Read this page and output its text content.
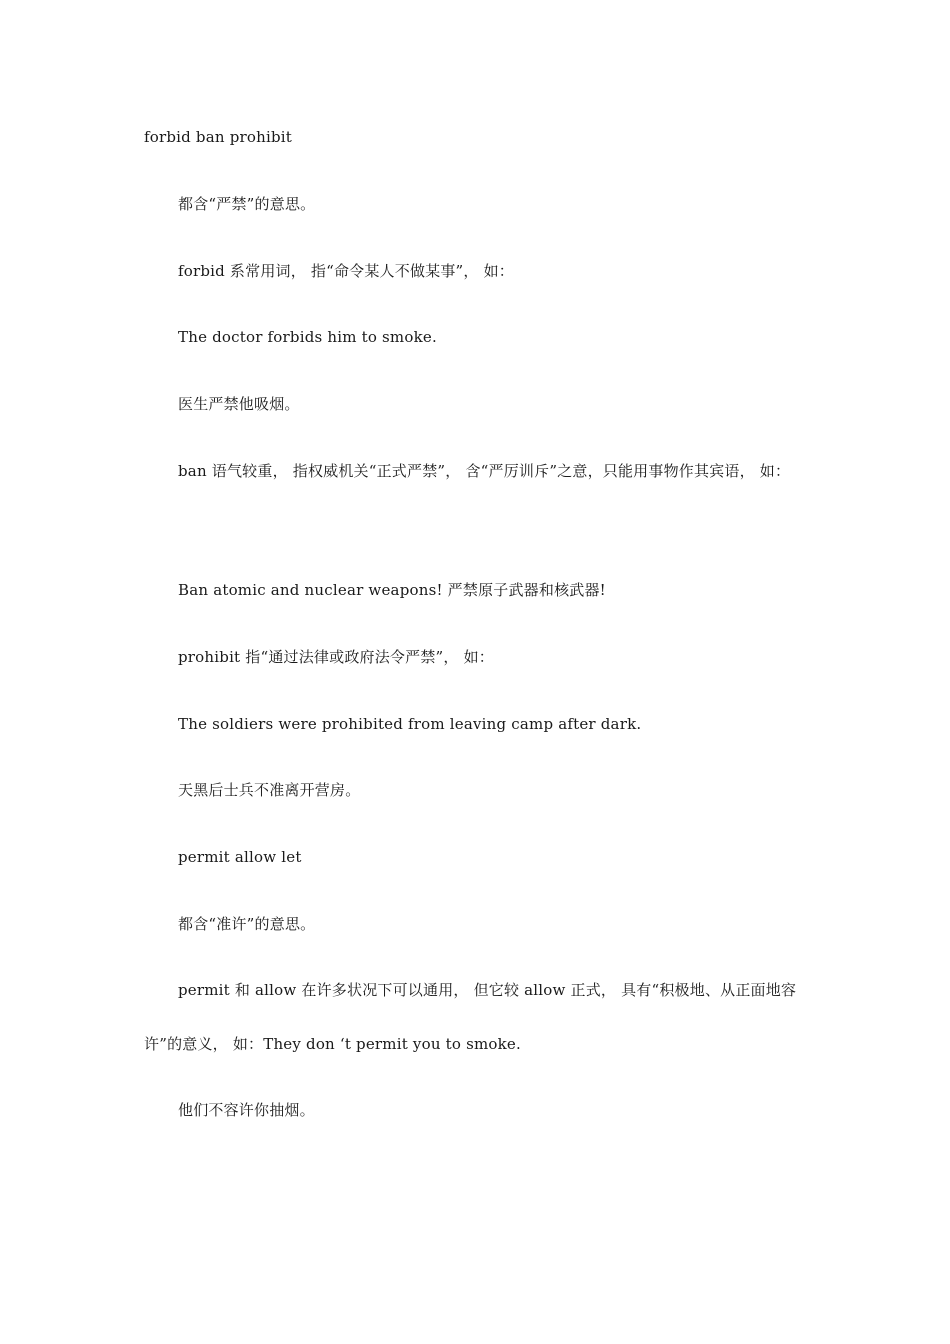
forbid ban prohibit
都含“严禁”的意思。
forbid 系常用词， 指“命令某人不做某事”， 如：
The doctor forbids him to smoke.
医生严禁他吸烟。
ban 语气较重， 指权威机关“正式严禁”， 含“严厉训斥”之意，只能用事物作其宾语， 如：
Ban atomic and nuclear weapons! 严禁原子武器和核武器!
prohibit 指“通过法律或政府法令严禁”， 如：
The soldiers were prohibited from leaving camp after dark.
天黑后士兵不准离开营房。
permit allow let
都含“准许”的意思。
permit 和 allow 在许多状况下可以通用， 但它较 allow 正式， 具有“积极地、从正面地容许”的意义， 如：They don ‘t permit you to smoke.
他们不容许你抽烟。
